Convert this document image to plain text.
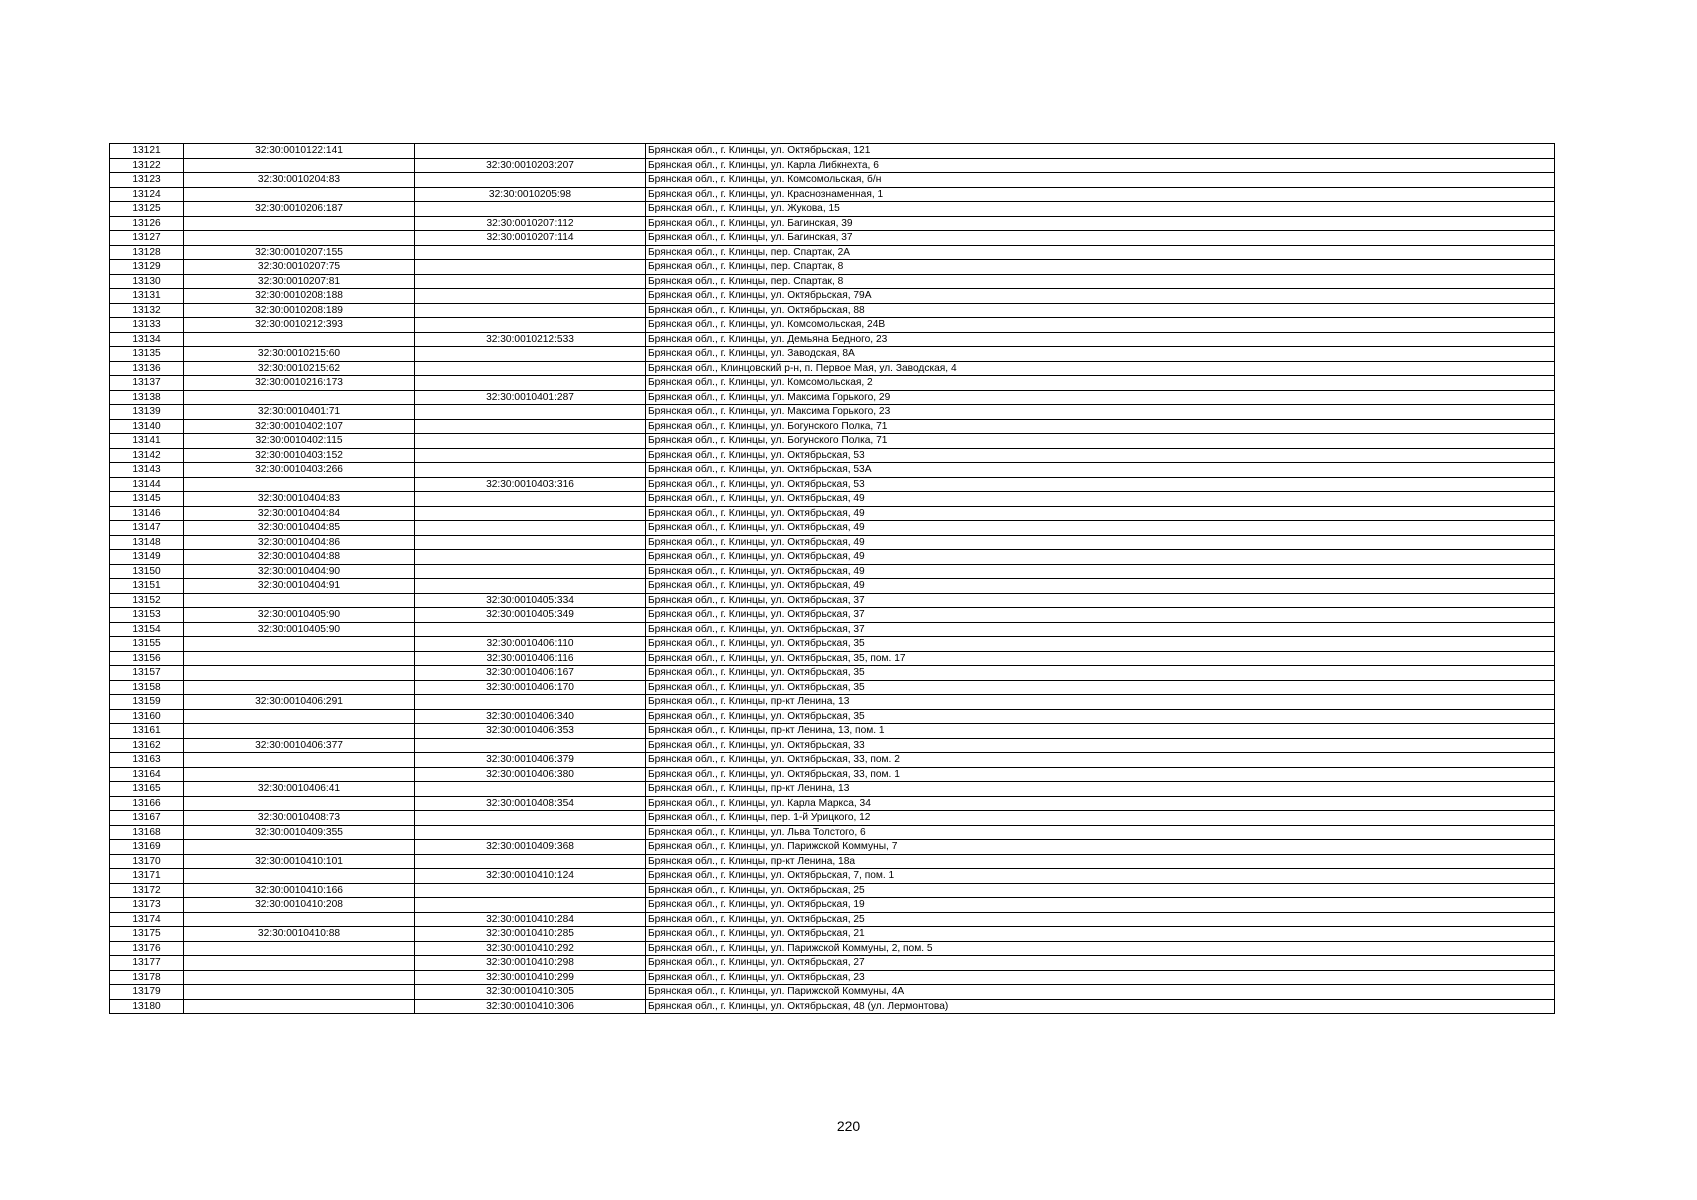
13121	32:30:0010122:141		Брянская обл., г. Клинцы, ул. Октябрьская, 121
13122		32:30:0010203:207	Брянская обл., г. Клинцы, ул. Карла Либкнехта, 6
13123	32:30:0010204:83		Брянская обл., г. Клинцы, ул. Комсомольская, б/н
13124		32:30:0010205:98	Брянская обл., г. Клинцы, ул. Краснознаменная, 1
13125	32:30:0010206:187		Брянская обл., г. Клинцы, ул. Жукова, 15
13126		32:30:0010207:112	Брянская обл., г. Клинцы, ул. Багинская, 39
13127		32:30:0010207:114	Брянская обл., г. Клинцы, ул. Багинская, 37
13128	32:30:0010207:155		Брянская обл., г. Клинцы, пер. Спартак, 2А
13129	32:30:0010207:75		Брянская обл., г. Клинцы, пер. Спартак, 8
13130	32:30:0010207:81		Брянская обл., г. Клинцы, пер. Спартак, 8
13131	32:30:0010208:188		Брянская обл., г. Клинцы, ул. Октябрьская, 79А
13132	32:30:0010208:189		Брянская обл., г. Клинцы, ул. Октябрьская, 88
13133	32:30:0010212:393		Брянская обл., г. Клинцы, ул. Комсомольская, 24В
13134		32:30:0010212:533	Брянская обл., г. Клинцы, ул. Демьяна Бедного, 23
13135	32:30:0010215:60		Брянская обл., г. Клинцы, ул. Заводская, 8А
13136	32:30:0010215:62		Брянская обл., Клинцовский р-н, п. Первое Мая, ул. Заводская, 4
13137	32:30:0010216:173		Брянская обл., г. Клинцы, ул. Комсомольская, 2
13138		32:30:0010401:287	Брянская обл., г. Клинцы, ул. Максима Горького, 29
13139	32:30:0010401:71		Брянская обл., г. Клинцы, ул. Максима Горького, 23
13140	32:30:0010402:107		Брянская обл., г. Клинцы, ул. Богунского Полка, 71
13141	32:30:0010402:115		Брянская обл., г. Клинцы, ул. Богунского Полка, 71
13142	32:30:0010403:152		Брянская обл., г. Клинцы, ул. Октябрьская, 53
13143	32:30:0010403:266		Брянская обл., г. Клинцы, ул. Октябрьская, 53А
13144		32:30:0010403:316	Брянская обл., г. Клинцы, ул. Октябрьская, 53
13145	32:30:0010404:83		Брянская обл., г. Клинцы, ул. Октябрьская, 49
13146	32:30:0010404:84		Брянская обл., г. Клинцы, ул. Октябрьская, 49
13147	32:30:0010404:85		Брянская обл., г. Клинцы, ул. Октябрьская, 49
13148	32:30:0010404:86		Брянская обл., г. Клинцы, ул. Октябрьская, 49
13149	32:30:0010404:88		Брянская обл., г. Клинцы, ул. Октябрьская, 49
13150	32:30:0010404:90		Брянская обл., г. Клинцы, ул. Октябрьская, 49
13151	32:30:0010404:91		Брянская обл., г. Клинцы, ул. Октябрьская, 49
13152		32:30:0010405:334	Брянская обл., г. Клинцы, ул. Октябрьская, 37
13153	32:30:0010405:90	32:30:0010405:349	Брянская обл., г. Клинцы, ул. Октябрьская, 37
13154	32:30:0010405:90		Брянская обл., г. Клинцы, ул. Октябрьская, 37
13155		32:30:0010406:110	Брянская обл., г. Клинцы, ул. Октябрьская, 35
13156		32:30:0010406:116	Брянская обл., г. Клинцы, ул. Октябрьская, 35, пом. 17
13157		32:30:0010406:167	Брянская обл., г. Клинцы, ул. Октябрьская, 35
13158		32:30:0010406:170	Брянская обл., г. Клинцы, ул. Октябрьская, 35
13159	32:30:0010406:291		Брянская обл., г. Клинцы, пр-кт Ленина, 13
13160		32:30:0010406:340	Брянская обл., г. Клинцы, ул. Октябрьская, 35
13161		32:30:0010406:353	Брянская обл., г. Клинцы, пр-кт Ленина, 13, пом. 1
13162	32:30:0010406:377		Брянская обл., г. Клинцы, ул. Октябрьская, 33
13163		32:30:0010406:379	Брянская обл., г. Клинцы, ул. Октябрьская, 33, пом. 2
13164		32:30:0010406:380	Брянская обл., г. Клинцы, ул. Октябрьская, 33, пом. 1
13165	32:30:0010406:41		Брянская обл., г. Клинцы, пр-кт Ленина, 13
13166		32:30:0010408:354	Брянская обл., г. Клинцы, ул. Карла Маркса, 34
13167	32:30:0010408:73		Брянская обл., г. Клинцы, пер. 1-й Урицкого, 12
13168	32:30:0010409:355		Брянская обл., г. Клинцы, ул. Льва Толстого, 6
13169		32:30:0010409:368	Брянская обл., г. Клинцы, ул. Парижской Коммуны, 7
13170	32:30:0010410:101		Брянская обл., г. Клинцы, пр-кт Ленина, 18а
13171		32:30:0010410:124	Брянская обл., г. Клинцы, ул. Октябрьская, 7, пом. 1
13172	32:30:0010410:166		Брянская обл., г. Клинцы, ул. Октябрьская, 25
13173	32:30:0010410:208		Брянская обл., г. Клинцы, ул. Октябрьская, 19
13174		32:30:0010410:284	Брянская обл., г. Клинцы, ул. Октябрьская, 25
13175	32:30:0010410:88	32:30:0010410:285	Брянская обл., г. Клинцы, ул. Октябрьская, 21
13176		32:30:0010410:292	Брянская обл., г. Клинцы, ул. Парижской Коммуны, 2, пом. 5
13177		32:30:0010410:298	Брянская обл., г. Клинцы, ул. Октябрьская, 27
13178		32:30:0010410:299	Брянская обл., г. Клинцы, ул. Октябрьская, 23
13179		32:30:0010410:305	Брянская обл., г. Клинцы, ул. Парижской Коммуны, 4А
13180		32:30:0010410:306	Брянская обл., г. Клинцы, ул. Октябрьская, 48 (ул. Лермонтова)
220
